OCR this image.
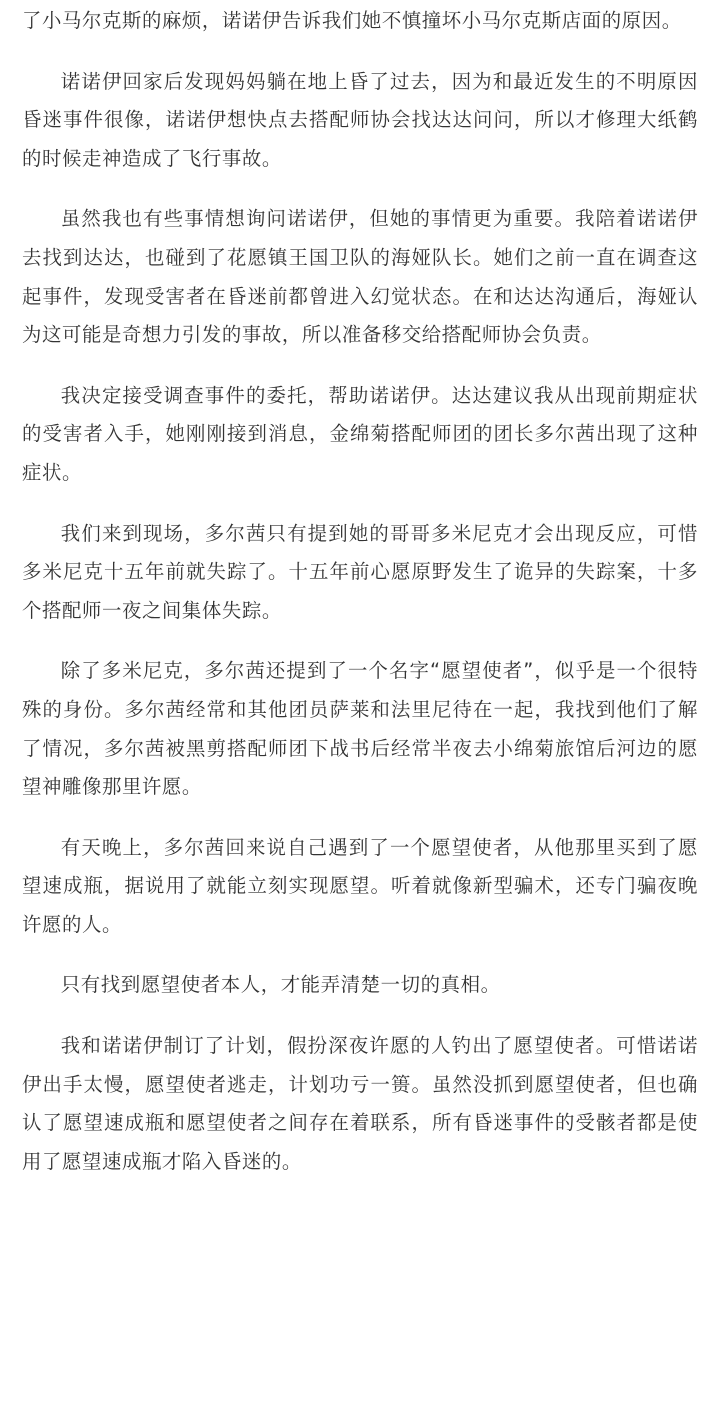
了小马尔克斯的麻烦，诺诺伊告诉我们她不慎撞坏小马尔克斯店面的原因。

诺诺伊回家后发现妈妈躺在地上昏了过去，因为和最近发生的不明原因昏迷事件很像，诺诺伊想快点去搭配师协会找达达问问，所以才修理大纸鹤的时候走神造成了飞行事故。

虽然我也有些事情想询问诺诺伊，但她的事情更为重要。我陪着诺诺伊去找到达达，也碰到了花愿镇王国卫队的海娅队长。她们之前一直在调查这起事件，发现受害者在昏迷前都曾进入幻觉状态。在和达达沟通后，海娅认为这可能是奇想力引发的事故，所以准备移交给搭配师协会负责。

我决定接受调查事件的委托，帮助诺诺伊。达达建议我从出现前期症状的受害者入手，她刚刚接到消息，金绵菊搭配师团的团长多尔茜出现了这种症状。

我们来到现场，多尔茜只有提到她的哥哥多米尼克才会出现反应，可惜多米尼克十五年前就失踪了。十五年前心愿原野发生了诡异的失踪案，十多个搭配师一夜之间集体失踪。

除了多米尼克，多尔茜还提到了一个名字“愿望使者”，似乎是一个很特殊的身份。多尔茜经常和其他团员萨莱和法里尼待在一起，我找到他们了解了情况，多尔茜被黑剪搭配师团下战书后经常半夜去小绵菊旅馆后河边的愿望神雕像那里许愿。

有天晚上，多尔茜回来说自己遇到了一个愿望使者，从他那里买到了愿望速成瓶，据说用了就能立刻实现愿望。听着就像新型骗术，还专门骗夜晚许愿的人。

只有找到愿望使者本人，才能弄清楚一切的真相。

我和诺诺伊制订了计划，假扮深夜许愿的人钓出了愿望使者。可惜诺诺伊出手太慢，愿望使者逃走，计划功亏一篑。虽然没抓到愿望使者，但也确认了愿望速成瓶和愿望使者之间存在着联系，所有昏迷事件的受骸者都是使用了愿望速成瓶才陷入昏迷的。
